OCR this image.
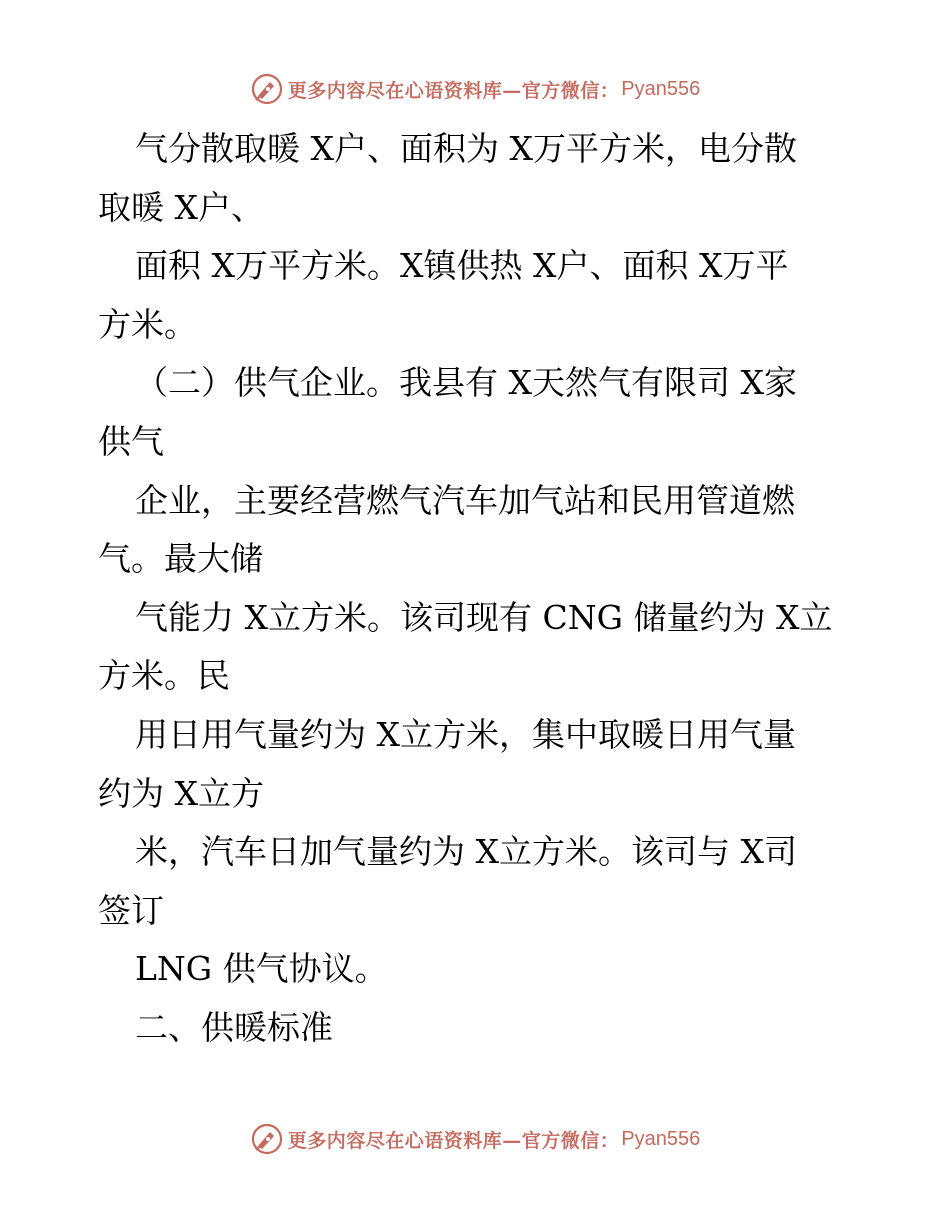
更多内容尽在心语资料库—官方微信： Pyan556
气分散取暖 X户、面积为 X万平方米，电分散
取暖 X户、
面积 X万平方米。X镇供热 X户、面积 X万平
方米。
（二）供气企业。我县有 X天然气有限司 X家
供气
企业，主要经营燃气汽车加气站和民用管道燃
气。最大储
气能力 X立方米。该司现有 CNG 储量约为 X立
方米。民
用日用气量约为 X立方米，集中取暖日用气量
约为 X立方
米，汽车日加气量约为 X立方米。该司与 X司
签订
LNG 供气协议。
二、供暖标准
更多内容尽在心语资料库—官方微信： Pyan556
